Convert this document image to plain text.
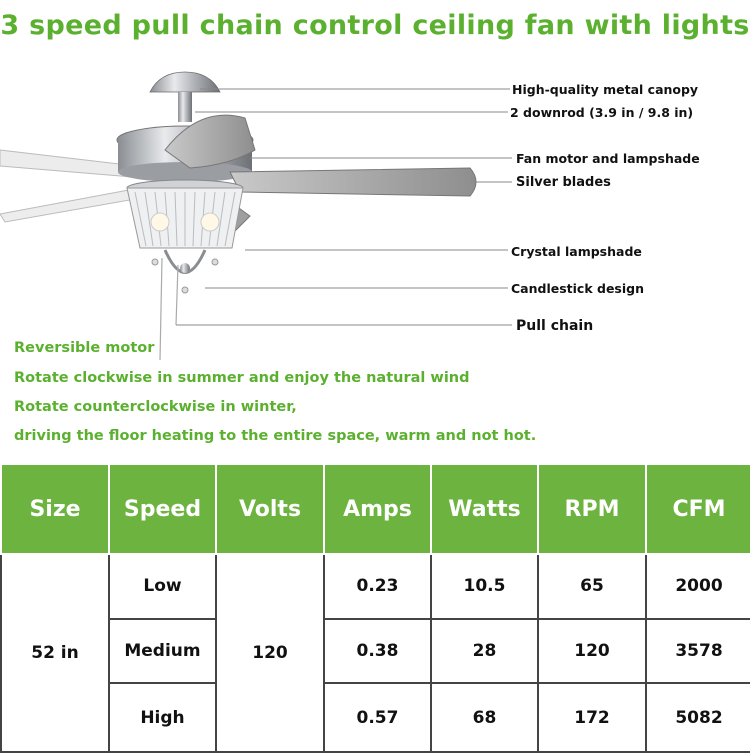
3 speed pull chain control ceiling fan with lights
High-quality metal canopy
2 downrod (3.9 in / 9.8 in)
Fan motor and lampshade
Silver blades
Crystal lampshade
Candlestick design
Pull chain
Reversible motor
Rotate clockwise in summer and enjoy the natural wind
Rotate counterclockwise in winter,
driving the floor heating to the entire space, warm and not hot.
Size	Speed	Volts	Amps	Watts	RPM	CFM
52 in	Low	120	0.23	10.5	65	2000
	Medium		0.38	28	120	3578
	High		0.57	68	172	5082
